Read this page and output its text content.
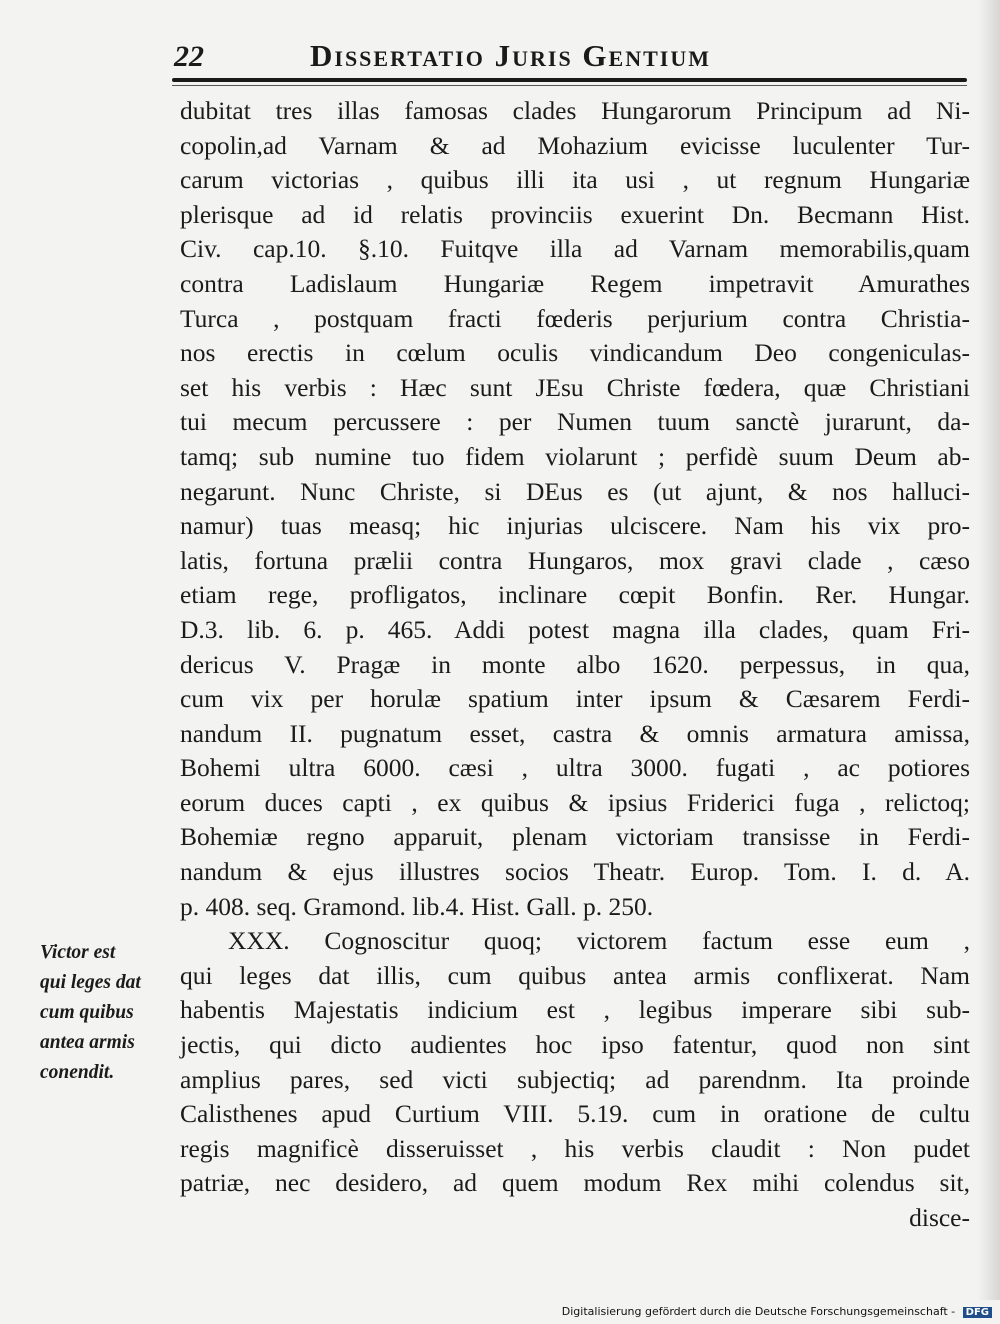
22	Dissertatio Juris Gentium
dubitat tres illas famosas clades Hungarorum Principum ad Ni-
copolin,ad Varnam & ad Mohazium evicisse luculenter Tur-
carum victorias , quibus illi ita usi , ut regnum Hungariæ
plerisque ad id relatis provinciis exuerint Dn. Becmann Hist.
Civ. cap.10. §.10. Fuitqve illa ad Varnam memorabilis,quam
contra Ladislaum Hungariæ Regem impetravit Amurathes
Turca , postquam fracti fœderis perjurium contra Christia-
nos erectis in cœlum oculis vindicandum Deo congeniculas-
set his verbis : Hæc sunt JEsu Christe fœdera, quæ Christiani
tui mecum percussere : per Numen tuum sanctè jurarunt, da-
tamq; sub numine tuo fidem violarunt ; perfidè suum Deum ab-
negarunt. Nunc Christe, si DEus es (ut ajunt, & nos halluci-
namur) tuas measq; hic injurias ulciscere. Nam his vix pro-
latis, fortuna prælii contra Hungaros, mox gravi clade , cæso
etiam rege, profligatos, inclinare cœpit Bonfin. Rer. Hungar.
D.3. lib. 6. p. 465. Addi potest magna illa clades, quam Fri-
dericus V. Pragæ in monte albo 1620. perpessus, in qua,
cum vix per horulæ spatium inter ipsum & Cæsarem Ferdi-
nandum II. pugnatum esset, castra & omnis armatura amissa,
Bohemi ultra 6000. cæsi , ultra 3000. fugati , ac potiores
eorum duces capti , ex quibus & ipsius Friderici fuga , relictoq;
Bohemiæ regno apparuit, plenam victoriam transisse in Ferdi-
nandum & ejus illustres socios Theatr. Europ. Tom. I. d. A.
p. 408. seq. Gramond. lib.4. Hist. Gall. p. 250.
XXX. Cognoscitur quoq; victorem factum esse eum ,
qui leges dat illis, cum quibus antea armis conflixerat. Nam
habentis Majestatis indicium est , legibus imperare sibi sub-
jectis, qui dicto audientes hoc ipso fatentur, quod non sint
amplius pares, sed victi subjectiq; ad parendnm. Ita proinde
Calisthenes apud Curtium VIII. 5.19. cum in oratione de cultu
regis magnificè disseruisset , his verbis claudit : Non pudet
patriæ, nec desidero, ad quem modum Rex mihi colendus sit,
disce-
Victor est
qui leges dat
cum quibus
antea armis
conendit.
Digitalisierung gefördert durch die Deutsche Forschungsgemeinschaft - DFG
